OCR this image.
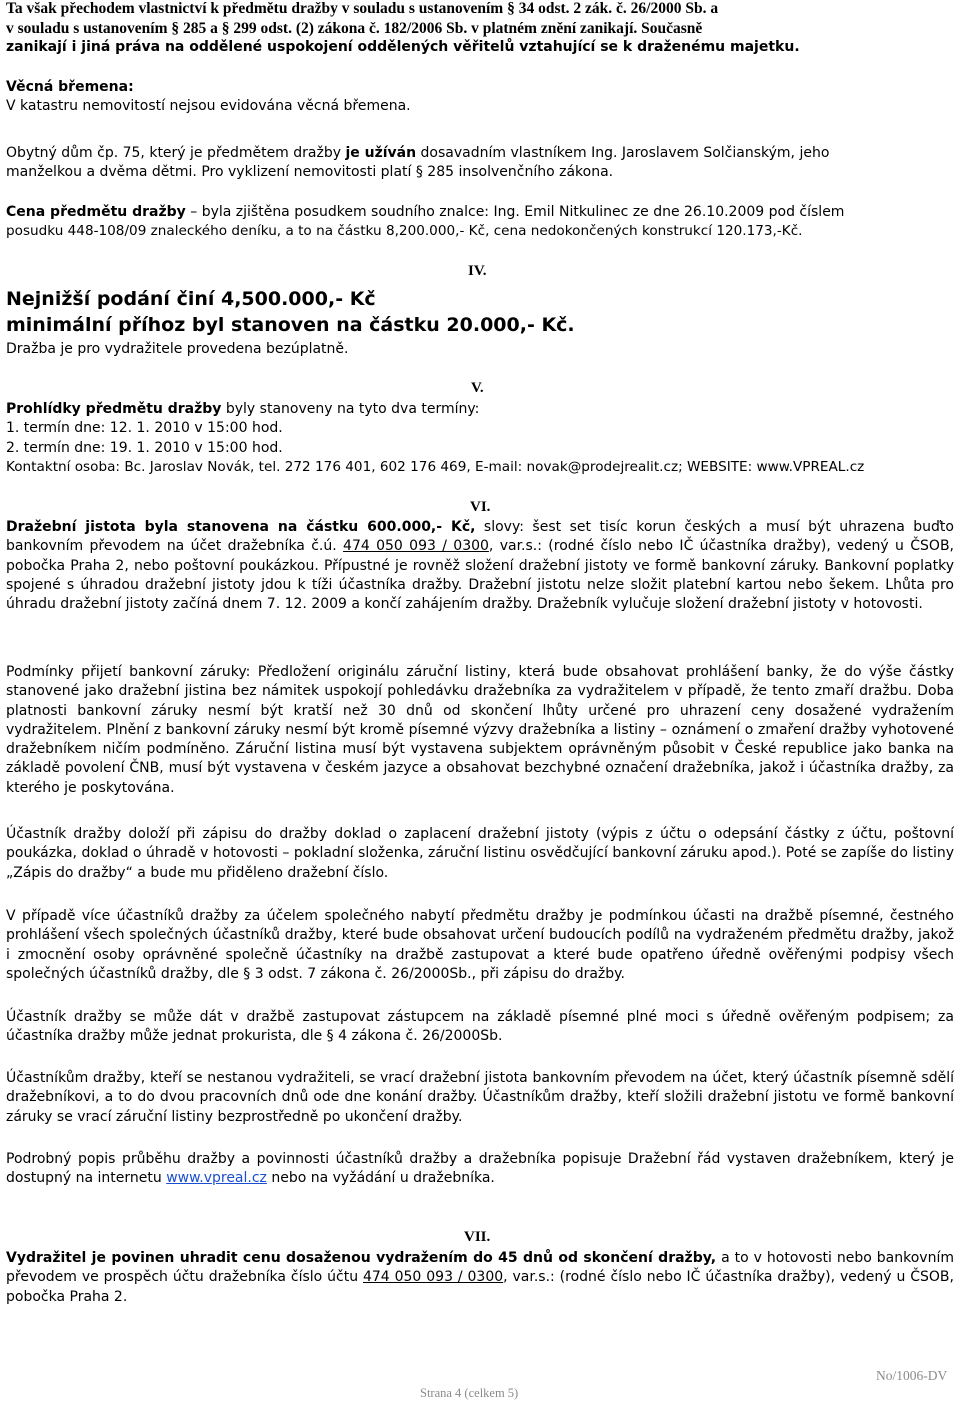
Ta však přechodem vlastnictví k předmětu dražby v souladu s ustanovením § 34 odst. 2 zák. č. 26/2000 Sb. a
v souladu s ustanovením § 285 a § 299 odst. (2) zákona č. 182/2006 Sb. v platném znění zanikají. Současně
zanikají i jiná práva na oddělené uspokojení oddělených věřitelů vztahující se k draženému majetku.
Věcná břemena:
V katastru nemovitostí nejsou evidována věcná břemena.
Obytný dům čp. 75, který je předmětem dražby je užíván dosavadním vlastníkem Ing. Jaroslavem Solčianským, jeho
manželkou a dvěma dětmi. Pro vyklizení nemovitosti platí § 285 insolvenčního zákona.
Cena předmětu dražby – byla zjištěna posudkem soudního znalce: Ing. Emil Nitkulinec ze dne 26.10.2009 pod číslem
posudku 448-108/09 znaleckého deníku, a to na částku 8,200.000,- Kč, cena nedokončených konstrukcí 120.173,-Kč.
IV.
Nejnižší podání činí 4,500.000,- Kč
minimální příhoz byl stanoven na částku 20.000,- Kč.
Dražba je pro vydražitele provedena bezúplatně.
V.
Prohlídky předmětu dražby byly stanoveny na tyto dva termíny:
1. termín dne: 12. 1. 2010 v 15:00 hod.
2. termín dne: 19. 1. 2010 v 15:00 hod.
Kontaktní osoba: Bc. Jaroslav Novák, tel. 272 176 401, 602 176 469, E-mail: novak@prodejrealit.cz; WEBSITE: www.VPREAL.cz
VI.
Dražební jistota byla stanovena na částku 600.000,- Kč, slovy: šest set tisíc korun českých a musí být uhrazena buďto bankovním převodem na účet dražebníka č.ú. 474 050 093 / 0300, var.s.: (rodné číslo nebo IČ účastníka dražby), vedený u ČSOB, pobočka Praha 2, nebo poštovní poukázkou. Přípustné je rovněž složení dražební jistoty ve formě bankovní záruky. Bankovní poplatky spojené s úhradou dražební jistoty jdou k tíži účastníka dražby. Dražební jistotu nelze složit platební kartou nebo šekem. Lhůta pro úhradu dražební jistoty začíná dnem 7. 12. 2009 a končí zahájením dražby. Dražebník vylučuje složení dražební jistoty v hotovosti.
Podmínky přijetí bankovní záruky: Předložení originálu záruční listiny, která bude obsahovat prohlášení banky, že do výše částky stanovené jako dražební jistina bez námitek uspokojí pohledávku dražebníka za vydražitelem v případě, že tento zmaří dražbu. Doba platnosti bankovní záruky nesmí být kratší než 30 dnů od skončení lhůty určené pro uhrazení ceny dosažené vydražením vydražitelem. Plnění z bankovní záruky nesmí být kromě písemné výzvy dražebníka a listiny – oznámení o zmaření dražby vyhotovené dražebníkem ničím podmíněno. Záruční listina musí být vystavena subjektem oprávněným působit v České republice jako banka na základě povolení ČNB, musí být vystavena v českém jazyce a obsahovat bezchybné označení dražebníka, jakož i účastníka dražby, za kterého je poskytována.
Účastník dražby doloží při zápisu do dražby doklad o zaplacení dražební jistoty (výpis z účtu o odepsání částky z účtu, poštovní poukázka, doklad o úhradě v hotovosti – pokladní složenka, záruční listinu osvědčující bankovní záruku apod.). Poté se zapíše do listiny „Zápis do dražby“ a bude mu přiděleno dražební číslo.
V případě více účastníků dražby za účelem společného nabytí předmětu dražby je podmínkou účasti na dražbě písemné, čestného prohlášení všech společných účastníků dražby, které bude obsahovat určení budoucích podílů na vydraženém předmětu dražby, jakož i zmocnění osoby oprávněné společně účastníky na dražbě zastupovat a které bude opatřeno úředně ověřenými podpisy všech společných účastníků dražby, dle § 3 odst. 7 zákona č. 26/2000Sb., při zápisu do dražby.
Účastník dražby se může dát v dražbě zastupovat zástupcem na základě písemné plné moci s úředně ověřeným podpisem; za účastníka dražby může jednat prokurista, dle § 4 zákona č. 26/2000Sb.
Účastníkům dražby, kteří se nestanou vydražiteli, se vrací dražební jistota bankovním převodem na účet, který účastník písemně sdělí dražebníkovi, a to do dvou pracovních dnů ode dne konání dražby. Účastníkům dražby, kteří složili dražební jistotu ve formě bankovní záruky se vrací záruční listiny bezprostředně po ukončení dražby.
Podrobný popis průběhu dražby a povinnosti účastníků dražby a dražebníka popisuje Dražební řád vystaven dražebníkem, který je dostupný na internetu www.vpreal.cz nebo na vyžádání u dražebníka.
VII.
Vydražitel je povinen uhradit cenu dosaženou vydražením do 45 dnů od skončení dražby, a to v hotovosti nebo bankovním převodem ve prospěch účtu dražebníka číslo účtu 474 050 093 / 0300, var.s.: (rodné číslo nebo IČ účastníka dražby), vedený u ČSOB, pobočka Praha 2.
Strana 4 (celkem 5)
No/1006-DV
